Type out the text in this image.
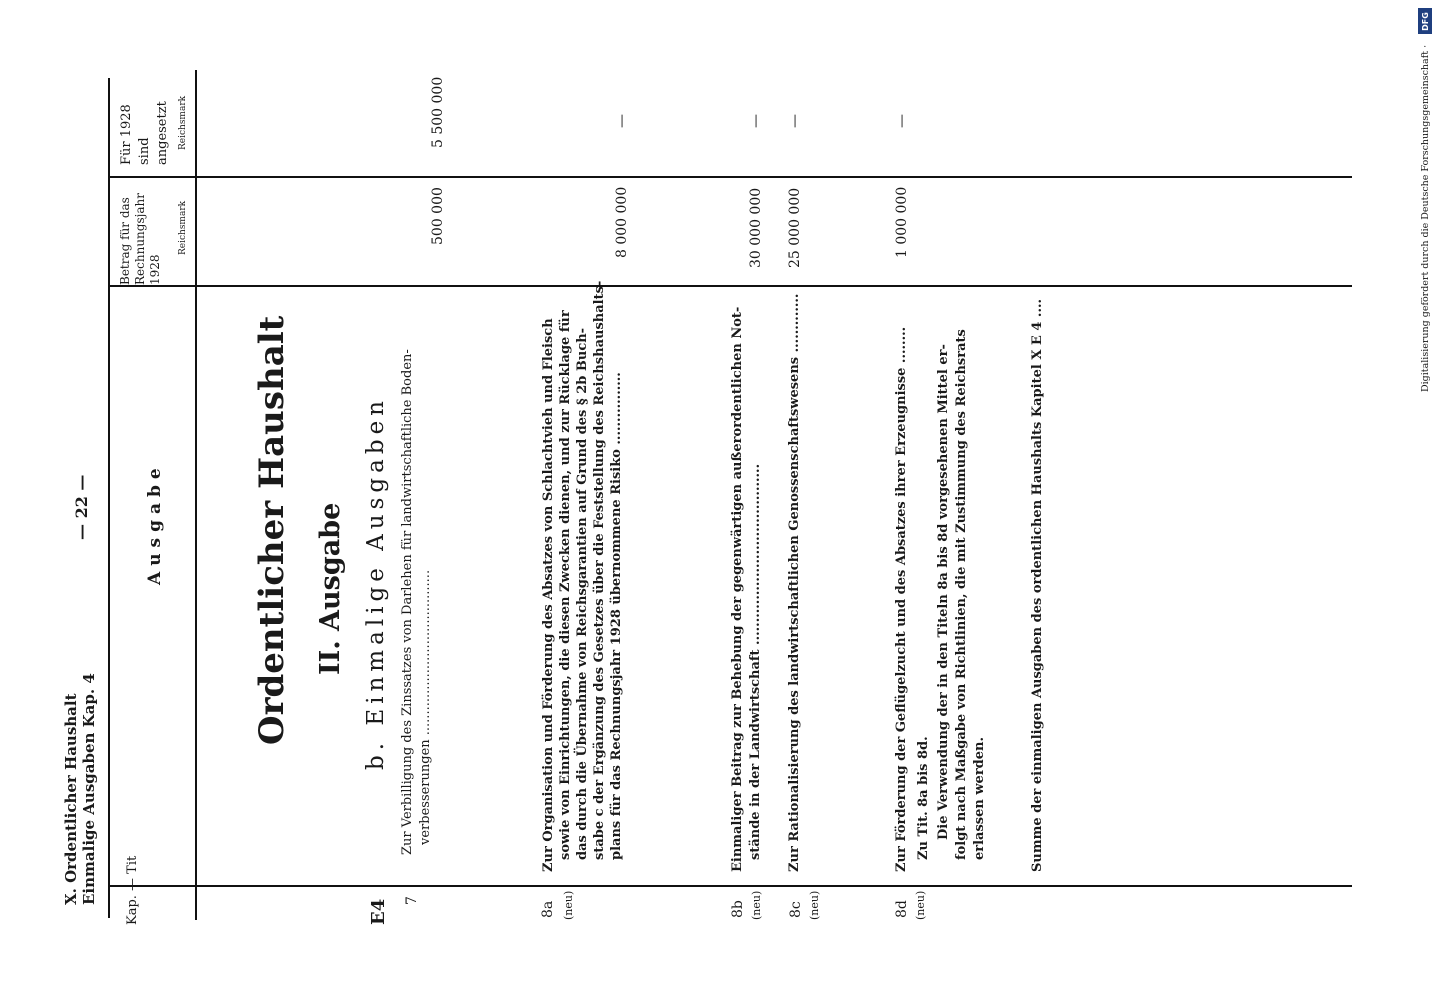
X. Ordentlicher Haushalt Einmalige Ausgaben Kap. 4
— 22 —
Kap. — Tit
Ausgabe
Betrag für das Rechnungsjahr 1928
Reichsmark
Für 1928 sind angesetzt Reichsmark
E4
Ordentlicher Haushalt II. Ausgabe b. Einmalige Ausgaben
7
Zur Verbilligung des Zinssatzes von Darlehen für landwirtschaftliche Boden- verbesserungen ........................................
500 000
5 500 000
8a (neu)
Zur Organisation und Förderung des Absatzes von Schlachtvieh und Fleisch sowie von Einrichtungen, die diesen Zwecken dienen, und zur Rücklage für das durch die Übernahme von Reichsgarantien auf Grund des § 2b Buch- stabe c der Ergänzung des Gesetzes über die Feststellung des Reichshaushalts- plans für das Rechnungsjahr 1928 übernommene Risiko ................
8 000 000
—
8b (neu)
Einmaliger Beitrag zur Behebung der gegenwärtigen außerordentlichen Not- stände in der Landwirtschaft ........................................
30 000 000
—
8c (neu)
Zur Rationalisierung des landwirtschaftlichen Genossenschaftswesens .............
25 000 000
—
8d (neu)
Zur Förderung der Geflügelzucht und des Absatzes ihrer Erzeugnisse ........ Zu Tit. 8a bis 8d. Die Verwendung der in den Titeln 8a bis 8d vorgesehenen Mittel er- folgt nach Maßgabe von Richtlinien, die mit Zustimmung des Reichsrats erlassen werden.
1 000 000
—
Summe der einmaligen Ausgaben des ordentlichen Haushalts Kapitel X E 4 ....
Digitalisierung gefördert durch die Deutsche Forschungsgemeinschaft ·
DFG
